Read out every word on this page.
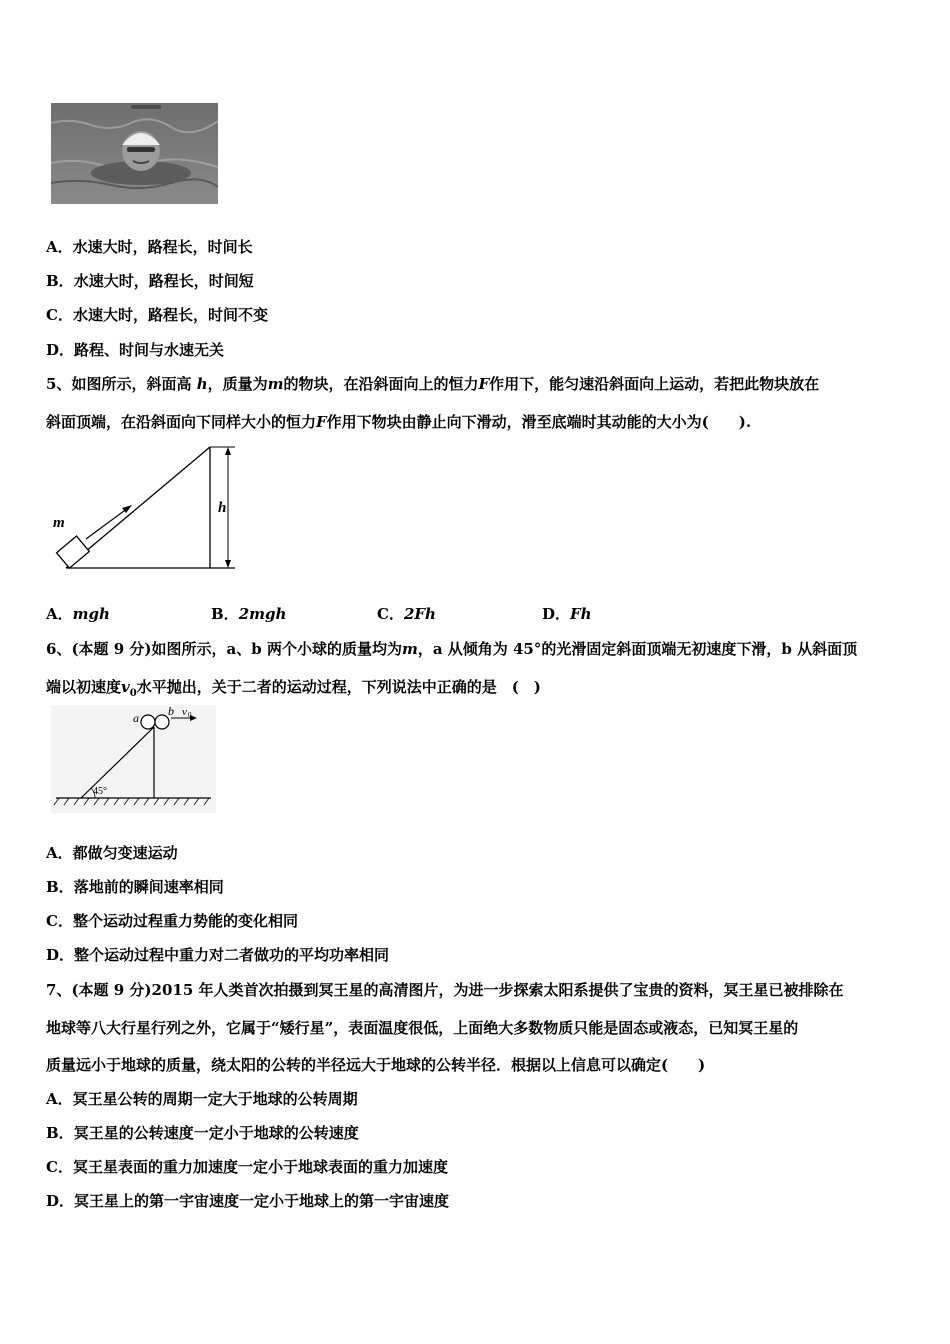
A．水速大时，路程长，时间长
B．水速大时，路程长，时间短
C．水速大时，路程长，时间不变
D．路程、时间与水速无关
5、如图所示，斜面高 h，质量为m的物块，在沿斜面向上的恒力F作用下，能匀速沿斜面向上运动，若把此物块放在
斜面顶端，在沿斜面向下同样大小的恒力F作用下物块由静止向下滑动，滑至底端时其动能的大小为(　　).
m
h
A．mgh	B．2mgh	C．2Fh	D．Fh
6、(本题 9 分)如图所示，a、b 两个小球的质量均为m，a 从倾角为 45°的光滑固定斜面顶端无初速度下滑，b 从斜面顶
端以初速度$v_0$水平抛出，关于二者的运动过程，下列说法中正确的是　(　)
a b v 0
45°
A．都做匀变速运动
B．落地前的瞬间速率相同
C．整个运动过程重力势能的变化相同
D．整个运动过程中重力对二者做功的平均功率相同
7、(本题 9 分)2015 年人类首次拍摄到冥王星的高清图片，为进一步探索太阳系提供了宝贵的资料，冥王星已被排除在
地球等八大行星行列之外，它属于“矮行星”，表面温度很低，上面绝大多数物质只能是固态或液态，已知冥王星的
质量远小于地球的质量，绕太阳的公转的半径远大于地球的公转半径．根据以上信息可以确定(　　)
A．冥王星公转的周期一定大于地球的公转周期
B．冥王星的公转速度一定小于地球的公转速度
C．冥王星表面的重力加速度一定小于地球表面的重力加速度
D．冥王星上的第一宇宙速度一定小于地球上的第一宇宙速度
